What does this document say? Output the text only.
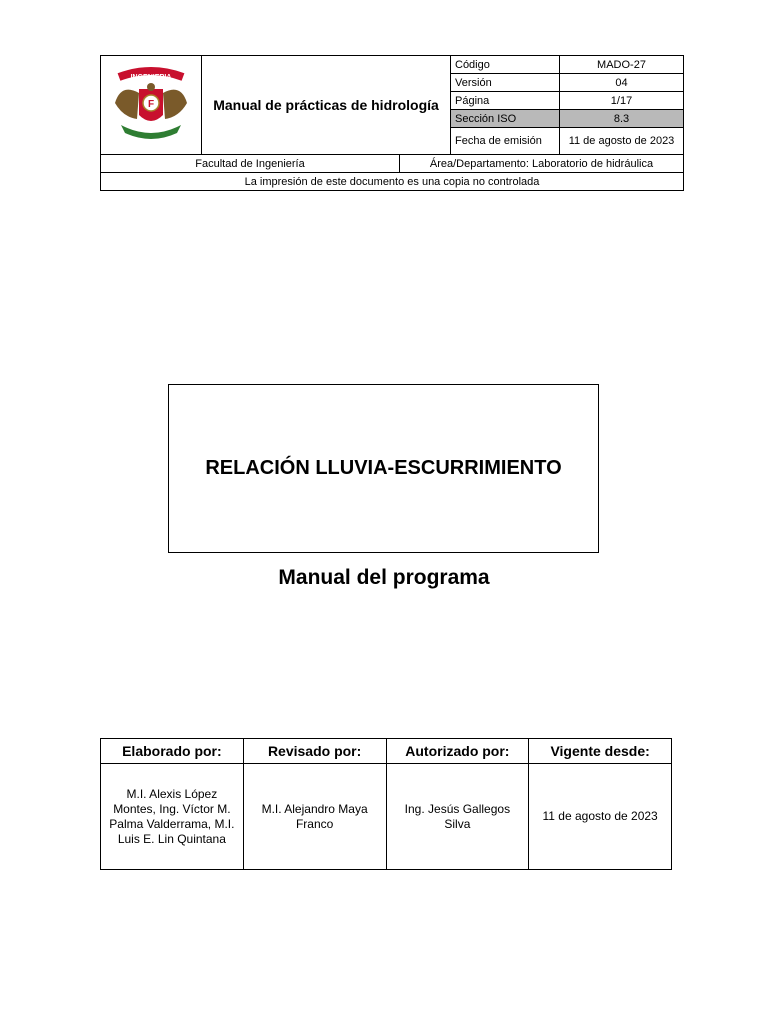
INGENIERIA
F	Manual de prácticas de hidrología	Código	MADO-27
		Versión	04
		Página	1/17
		Sección ISO	8.3
		Fecha de emisión	11 de agosto de 2023
Facultad de Ingeniería	Área/Departamento: Laboratorio de hidráulica
La impresión de este documento es una copia no controlada
RELACIÓN LLUVIA-ESCURRIMIENTO
Manual del programa
Elaborado por:	Revisado por:	Autorizado por:	Vigente desde:
M.I. Alexis López Montes, Ing. Víctor M. Palma Valderrama, M.I. Luis E. Lin Quintana	M.I. Alejandro Maya Franco	Ing. Jesús Gallegos Silva	11 de agosto de 2023
